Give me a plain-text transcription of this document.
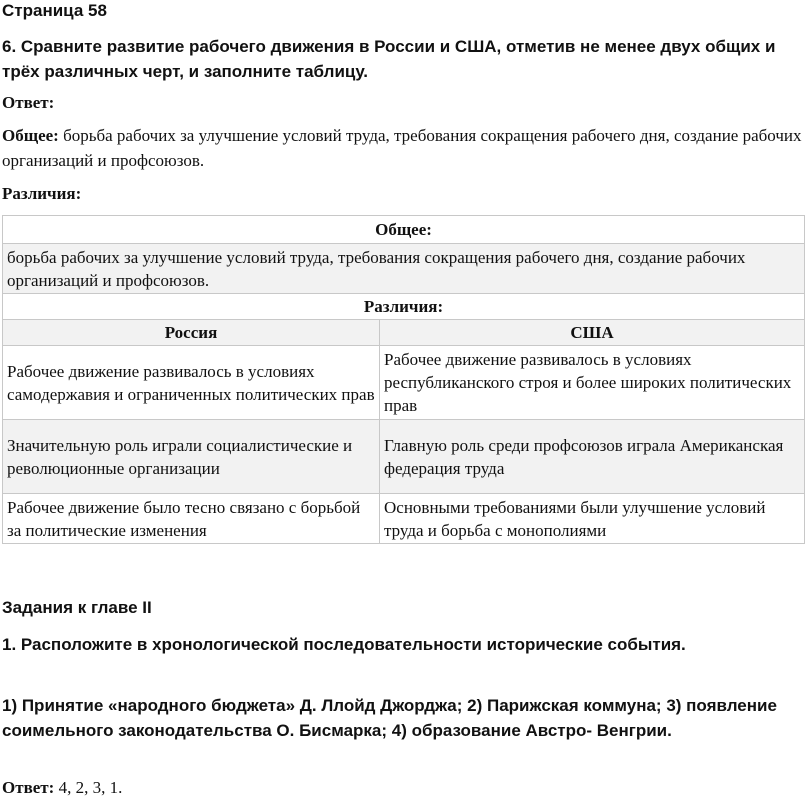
Страница 58
6. Сравните развитие рабочего движения в России и США, отметив не менее двух общих и трёх различных черт, и заполните таблицу.
Ответ:
Общее: борьба рабочих за улучшение условий труда, требования сокращения рабочего дня, создание рабочих организаций и профсоюзов.
Различия:
Общее:	
борьба рабочих за улучшение условий труда, требования сокращения рабочего дня, создание рабочих организаций и профсоюзов.	
Различия:	
Россия	США
Рабочее движение развивалось в условиях самодержавия и ограниченных политических прав	Рабочее движение развивалось в условиях республиканского строя и более широких политических прав
Значительную роль играли социалистические и революционные организации	Главную роль среди профсоюзов играла Американская федерация труда
Рабочее движение было тесно связано с борьбой за политические изменения	Основными требованиями были улучшение условий труда и борьба с монополиями
Задания к главе II
1. Расположите в хронологической последовательности исторические события.
1) Принятие «народного бюджета» Д. Ллойд Джорджа; 2) Парижская коммуна; 3) появление соимельного законодательства О. Бисмарка; 4) образование Австро- Венгрии.
Ответ: 4, 2, 3, 1.
